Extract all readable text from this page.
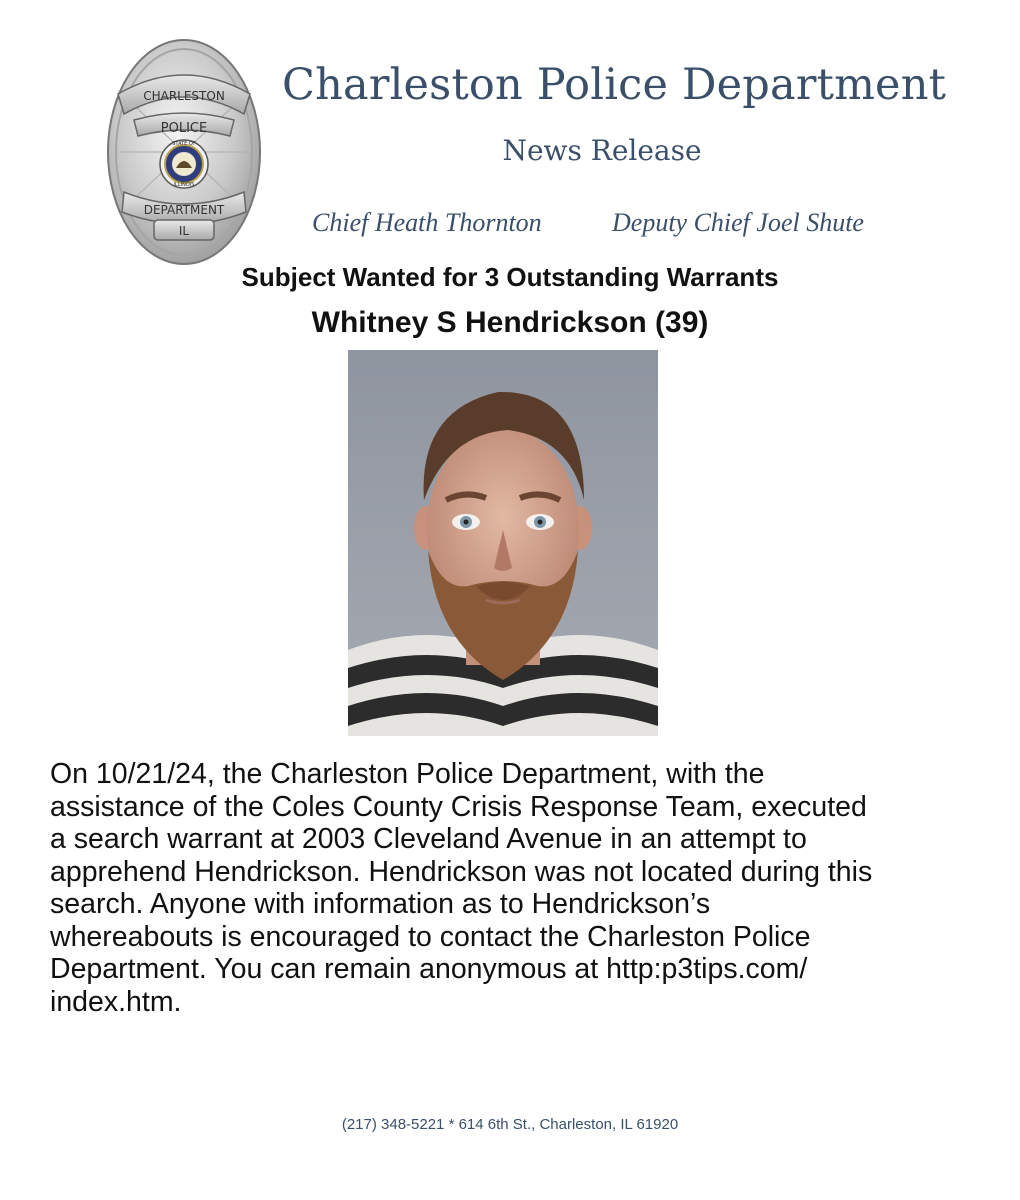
CHARLESTON
POLICE
STATE OF
ILLINOIS
DEPARTMENT
IL
Charleston Police Department
News Release
Chief Heath Thornton	Deputy Chief Joel Shute
Subject Wanted for 3 Outstanding Warrants
Whitney S Hendrickson (39)
On 10/21/24, the Charleston Police Department, with the
assistance of the Coles County Crisis Response Team, executed
a search warrant at 2003 Cleveland Avenue in an attempt to
apprehend Hendrickson. Hendrickson was not located during this
search. Anyone with information as to Hendrickson’s
whereabouts is encouraged to contact the Charleston Police
Department. You can remain anonymous at http:p3tips.com/
index.htm.
(217) 348-5221 * 614 6th St., Charleston, IL 61920
